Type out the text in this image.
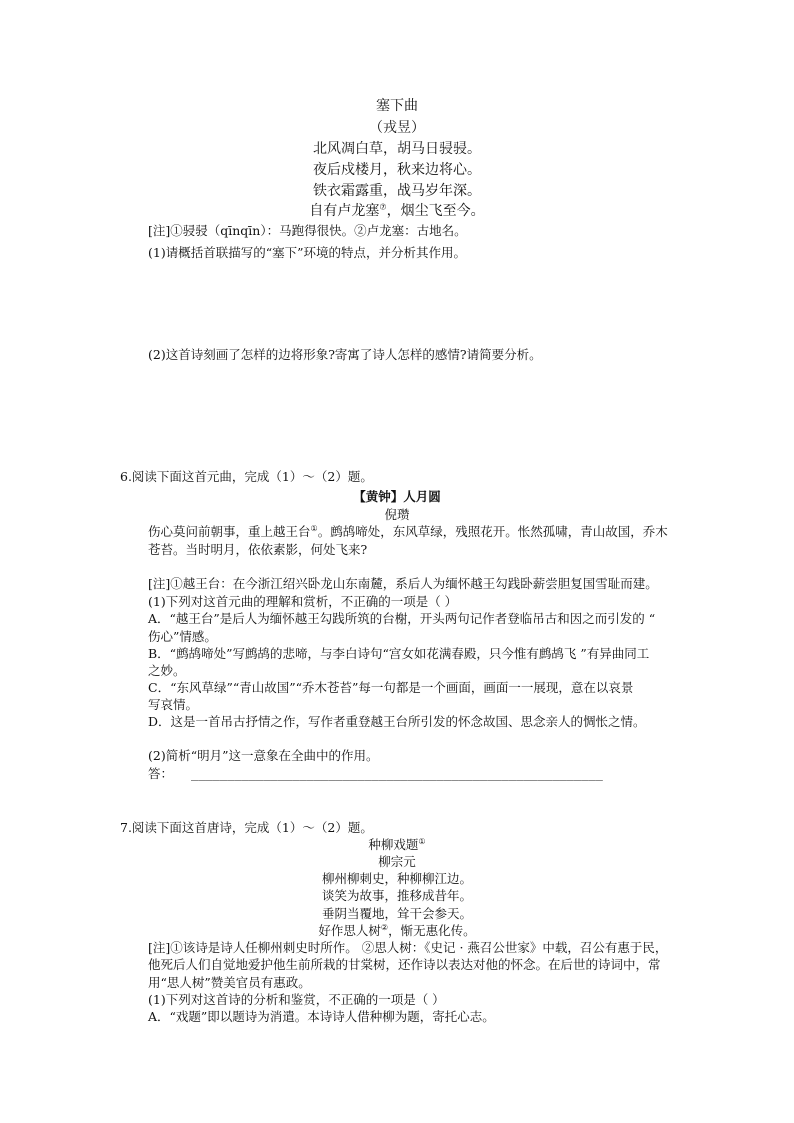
塞下曲
（戎昱）
北风凋白草，胡马日骎骎。
夜后戍楼月，秋来边将心。
铁衣霜露重，战马岁年深。
自有卢龙塞⑦，烟尘飞至今。
[注]①骎骎（qīnqīn）：马跑得很快。②卢龙塞：古地名。
(1)请概括首联描写的“塞下”环境的特点，并分析其作用。
(2)这首诗刻画了怎样的边将形象?寄寓了诗人怎样的感情?请简要分析。
6.阅读下面这首元曲，完成（1）～（2）题。
【黄钟】人月圆
倪瓒
伤心莫问前朝事，重上越王台①。鹧鸪啼处，东风草绿，残照花开。怅然孤啸，青山故国，乔木
苍苔。当时明月，依依素影，何处飞来?
[注]①越王台：在今浙江绍兴卧龙山东南麓，系后人为缅怀越王勾践卧薪尝胆复国雪耻而建。
(1)下列对这首元曲的理解和赏析，不正确的一项是（ ）
A．“越王台”是后人为缅怀越王勾践所筑的台榭，开头两句记作者登临吊古和因之而引发的 “
伤心”情感。
B．“鹧鸪啼处”写鹧鸪的悲啼，与李白诗句“宫女如花满春殿，只今惟有鹧鸪飞 ”有异曲同工
之妙。
C．“东风草绿”“青山故国”“乔木苍苔”每一句都是一个画面，画面一一展现，意在以哀景
写哀情。
D．这是一首吊古抒情之作，写作者重登越王台所引发的怀念故国、思念亲人的惆怅之情。
(2)简析“明月”这一意象在全曲中的作用。
答： _________________________________________________________
7.阅读下面这首唐诗，完成（1）～（2）题。
种柳戏题①
柳宗元
柳州柳刺史，种柳柳江边。
谈笑为故事，推移成昔年。
垂阴当覆地，耸干会参天。
好作思人树②，惭无惠化传。
[注]①该诗是诗人任柳州刺史时所作。 ②思人树：《史记 · 燕召公世家》中载，召公有惠于民，
他死后人们自觉地爱护他生前所栽的甘棠树，还作诗以表达对他的怀念。在后世的诗词中，常
用“思人树”赞美官员有惠政。
(1)下列对这首诗的分析和鉴赏，不正确的一项是（ ）
A．“戏题”即以题诗为消遣。本诗诗人借种柳为题，寄托心志。
